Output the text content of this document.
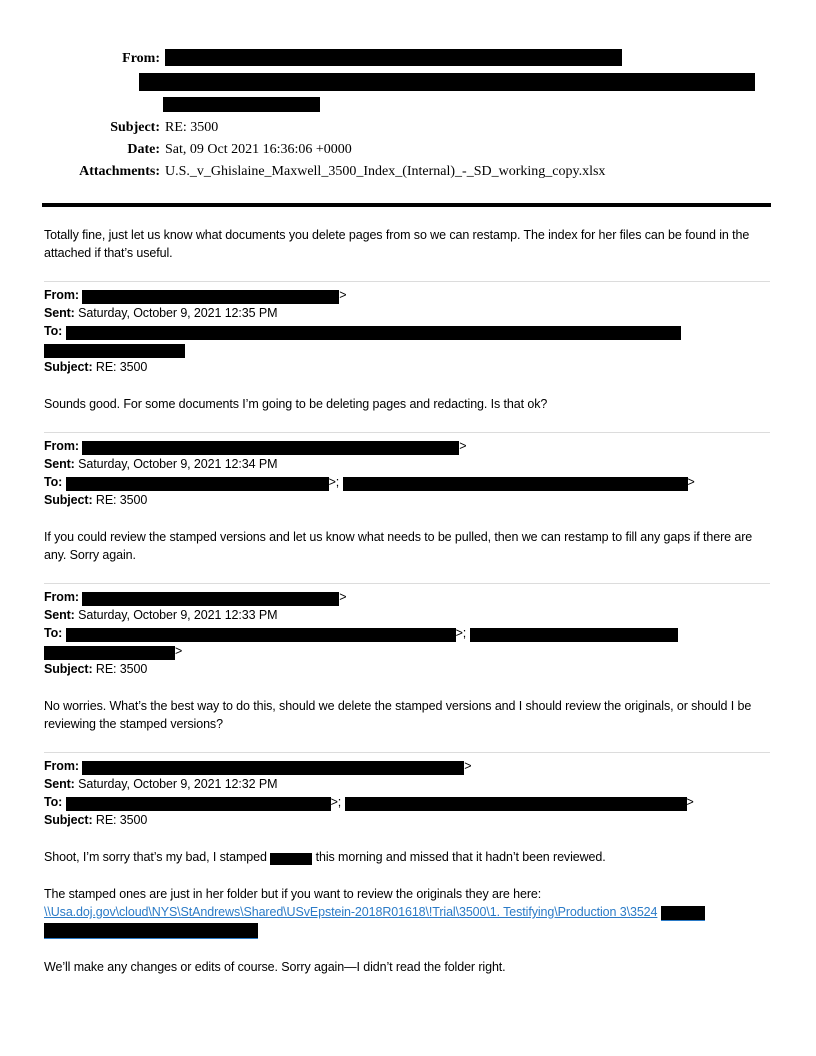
From:
Subject: RE: 3500
Date: Sat, 09 Oct 2021 16:36:06 +0000
Attachments: U.S._v_Ghislaine_Maxwell_3500_Index_(Internal)_-_SD_working_copy.xlsx
Totally fine, just let us know what documents you delete pages from so we can restamp. The index for her files can be found in the attached if that’s useful.
From:	>
Sent: Saturday, October 9, 2021 12:35 PM
To:
Subject: RE: 3500
Sounds good. For some documents I’m going to be deleting pages and redacting. Is that ok?
From:	>
Sent: Saturday, October 9, 2021 12:34 PM
To:	>;	>
Subject: RE: 3500
If you could review the stamped versions and let us know what needs to be pulled, then we can restamp to fill any gaps if there are any. Sorry again.
From:	>
Sent: Saturday, October 9, 2021 12:33 PM
To:	>;
>
Subject: RE: 3500
No worries. What’s the best way to do this, should we delete the stamped versions and I should review the originals, or should I be reviewing the stamped versions?
From:	>
Sent: Saturday, October 9, 2021 12:32 PM
To:	>;	>
Subject: RE: 3500
Shoot, I’m sorry that’s my bad, I stamped	this morning and missed that it hadn’t been reviewed.
The stamped ones are just in her folder but if you want to review the originals they are here:
\\Usa.doj.gov\cloud\NYS\StAndrews\Shared\USvEpstein-2018R01618\!Trial\3500\1. Testifying\Production 3\3524

We’ll make any changes or edits of course. Sorry again—I didn’t read the folder right.
